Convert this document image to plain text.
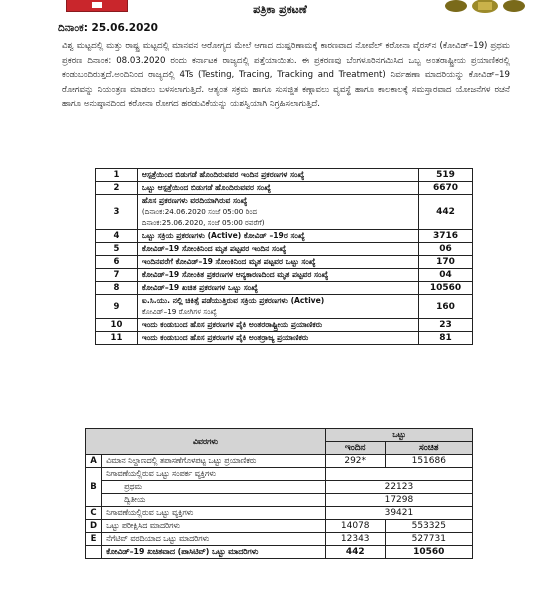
ಪತ್ರಿಕಾ ಪ್ರಕಟಣೆ
ದಿನಾಂಕ: 25.06.2020
ವಿಶ್ವ ಮಟ್ಟದಲ್ಲಿ ಮತ್ತು ರಾಷ್ಟ್ರ ಮಟ್ಟದಲ್ಲಿ ಮಾನವನ ಆರೋಗ್ಯದ ಮೇಲೆ ಆಗಾದ ದುಷ್ಪರಿಣಾಮಕ್ಕೆ ಕಾರಣವಾದ ನೋವೆಲ್ ಕರೋನಾ ವೈರಸ್‌ನ (ಕೋವಿಡ್–19) ಪ್ರಥಮ ಪ್ರಕರಣ ದಿನಾಂಕ: 08.03.2020 ರಂದು ಕರ್ನಾಟಕ ರಾಜ್ಯದಲ್ಲಿ ಪತ್ತೆಯಾಯಿತು. ಈ ಪ್ರಕರಣವು ಬೆಂಗಳೂರಿನಗಮಿಸಿದ ಒಬ್ಬ ಅಂತರಾಷ್ಟ್ರೀಯ ಪ್ರಯಾಣಿಕರಲ್ಲಿ ಕಂಡುಬಂದಿರುತ್ತದೆ.ಅಂದಿನಿಂದ ರಾಜ್ಯದಲ್ಲಿ 4Ts (Testing, Tracing, Tracking and Treatment) ನಿರ್ವಹಣಾ ಮಾದರಿಯನ್ನು ಕೋವಿಡ್–19 ರೋಗವನ್ನು ನಿಯಂತ್ರಣ ಮಾಡಲು ಬಳಸಲಾಗುತ್ತಿದೆ. ಆತ್ಯಂತ ಸಕ್ರಮ ಹಾಗೂ ಸುಸಜ್ಜಿತ ಕಣ್ಗಾವಲು ವ್ಯವಸ್ಥೆ ಹಾಗೂ ಕಾಲಕಾಲಕ್ಕೆ ಸಮಸ್ತಾರವಾದ ಯೋಜನೆಗಳ ರಚನೆ ಹಾಗೂ ಅನುಷ್ಠಾನದಿಂದ ಕರೋನಾ ರೋಗದ ಹರಡುವಿಕೆಯನ್ನು ಯಶಸ್ವಿಯಾಗಿ ನಿಗ್ರಹಿಸಲಾಗುತ್ತಿದೆ.
1	ಆಸ್ಪತ್ರೆಯಿಂದ ಬಿಡುಗಡೆ ಹೊಂದಿರುವವರ ಇಂದಿನ ಪ್ರಕರಣಗಳ ಸಂಖ್ಯೆ	519
2	ಒಟ್ಟು ಆಸ್ಪತ್ರೆಯಿಂದ ಬಿಡುಗಡೆ ಹೊಂದಿರುವವರ ಸಂಖ್ಯೆ	6670
3	ಹೊಸ ಪ್ರಕರಣಗಳು ವರದಿಯಾಗಿರುವ ಸಂಖ್ಯೆ
(ದಿನಾಂಕ:24.06.2020 ಸಂಜೆ 05:00 ರಿಂದ
ದಿನಾಂಕ:25.06.2020, ಸಂಜೆ 05:00 ರವರೆಗೆ)	442
4	ಒಟ್ಟು ಸಕ್ರಿಯ ಪ್ರಕರಣಗಳು (Active) ಕೋವಿಡ್ –19ರ ಸಂಖ್ಯೆ	3716
5	ಕೋವಿಡ್–19 ಸೋಂಕಿನಿಂದ ಮೃತ ಪಟ್ಟವರ ಇಂದಿನ ಸಂಖ್ಯೆ	06
6	ಇಂದಿನವರೆಗೆ ಕೋವಿಡ್–19 ಸೋಂಕಿನಿಂದ ಮೃತ ಪಟ್ಟವರ ಒಟ್ಟು ಸಂಖ್ಯೆ	170
7	ಕೋವಿಡ್–19 ಸೋಂಕಿತ ಪ್ರಕರಣಗಳ ಆನ್ಯಕಾರಣದಿಂದ ಮೃತ ಪಟ್ಟವರ ಸಂಖ್ಯೆ	04
8	ಕೋವಿಡ್–19 ಖಚಿತ ಪ್ರಕರಣಗಳ ಒಟ್ಟು ಸಂಖ್ಯೆ	10560
9	ಐ.ಸಿ.ಯು. ನಲ್ಲಿ ಚಿಕಿತ್ಸೆ ಪಡೆಯುತ್ತಿರುವ ಸಕ್ರಿಯ ಪ್ರಕರಣಗಳು (Active)
ಕೋವಿಡ್–19 ರೋಗಿಗಳ ಸಂಖ್ಯೆ	160
10	ಇಂದು ಕಂಡುಬಂದ ಹೊಸ ಪ್ರಕರಣಗಳ ಪೈಕಿ ಅಂತರರಾಷ್ಟ್ರೀಯ ಪ್ರಯಾಣಿಕರು	23
11	ಇಂದು ಕಂಡುಬಂದ ಹೊಸ ಪ್ರಕರಣಗಳ ಪೈಕಿ ಅಂತರ್ರಾಜ್ಯ ಪ್ರಯಾಣಿಕರು	81
ವಿವರಗಳು		ಒಟ್ಟು	
		ಇಂದಿನ	ಸಂಚಿತ
A	ವಿಮಾನ ನಿಲ್ದಾಣದಲ್ಲಿ ತಪಾಸಣೆಗೊಳಪಟ್ಟ ಒಟ್ಟು ಪ್ರಯಾಣಿಕರು	292*	151686
B	ನಿಗಾವಣೆಯಲ್ಲಿರುವ ಒಟ್ಟು ಸಂಪರ್ಕ ವ್ಯಕ್ತಿಗಳು		
	ಪ್ರಥಮ	22123	
	ದ್ವಿತೀಯ	17298	
C	ನಿಗಾವಣೆಯಲ್ಲಿರುವ ಒಟ್ಟು ವ್ಯಕ್ತಿಗಳು	39421	
D	ಒಟ್ಟು ಪರೀಕ್ಷಿಸಿದ ಮಾದರಿಗಳು	14078	553325
E	ನೆಗೆಟಿವ್ ವರದಿಯಾದ ಒಟ್ಟು ಮಾದರಿಗಳು	12343	527731
	ಕೋವಿಡ್–19 ಖಚಿತವಾದ (ಪಾಸಿಟಿವ್) ಒಟ್ಟು ಮಾದರಿಗಳು	442	10560
